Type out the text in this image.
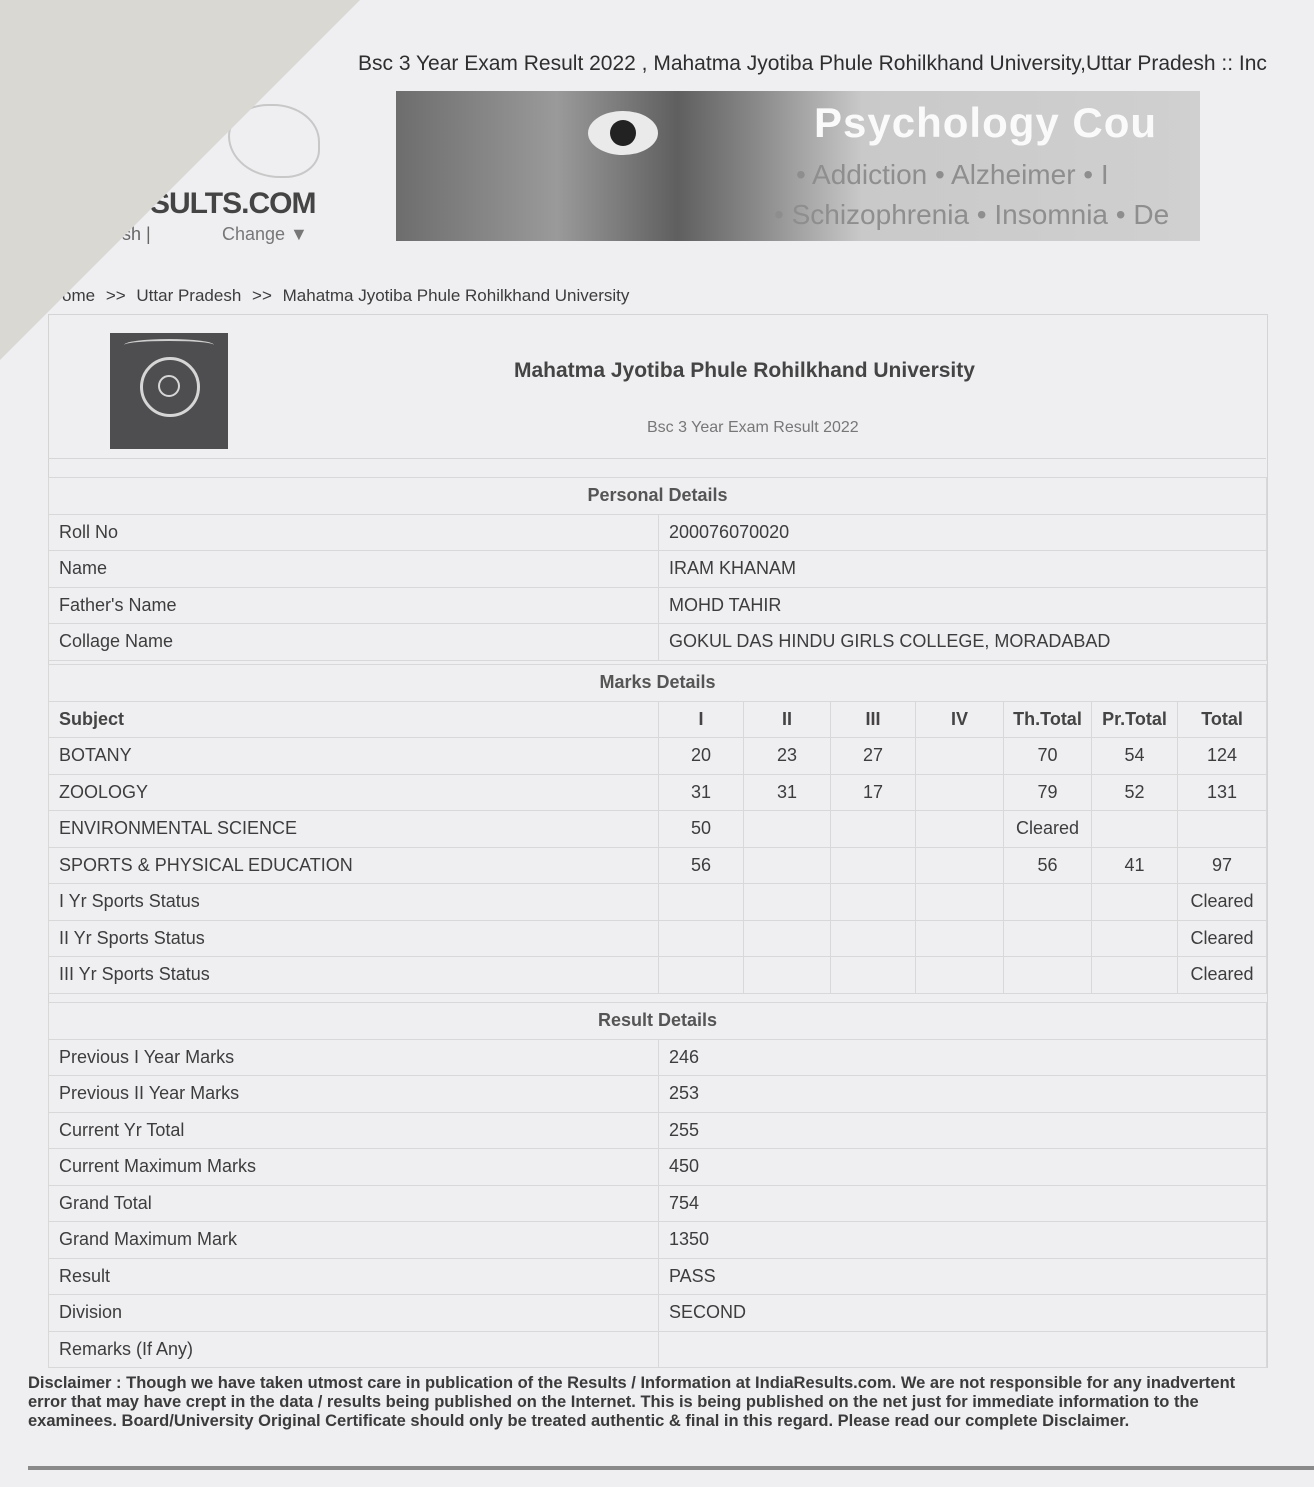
Bsc 3 Year Exam Result 2022 , Mahatma Jyotiba Phule Rohilkhand University,Uttar Pradesh :: Inc
SULTS.COM
esh |	Change ▼
Psychology Cou
• Addiction • Alzheimer • I
• Schizophrenia • Insomnia • De
ome >> Uttar Pradesh >> Mahatma Jyotiba Phule Rohilkhand University
Mahatma Jyotiba Phule Rohilkhand University
Bsc 3 Year Exam Result 2022
Personal Details	
Roll No	200076070020
Name	IRAM KHANAM
Father's Name	MOHD TAHIR
Collage Name	GOKUL DAS HINDU GIRLS COLLEGE, MORADABAD
Marks Details							
Subject	I	II	III	IV	Th.Total	Pr.Total	Total
BOTANY	20	23	27		70	54	124
ZOOLOGY	31	31	17		79	52	131
ENVIRONMENTAL SCIENCE	50				Cleared		
SPORTS & PHYSICAL EDUCATION	56				56	41	97
I Yr Sports Status							Cleared
II Yr Sports Status							Cleared
III Yr Sports Status							Cleared
Result Details	
Previous I Year Marks	246
Previous II Year Marks	253
Current Yr Total	255
Current Maximum Marks	450
Grand Total	754
Grand Maximum Mark	1350
Result	PASS
Division	SECOND
Remarks (If Any)	
Disclaimer : Though we have taken utmost care in publication of the Results / Information at IndiaResults.com. We are not responsible for any inadvertent error that may have crept in the data / results being published on the Internet. This is being published on the net just for immediate information to the examinees. Board/University Original Certificate should only be treated authentic & final in this regard. Please read our complete Disclaimer.
